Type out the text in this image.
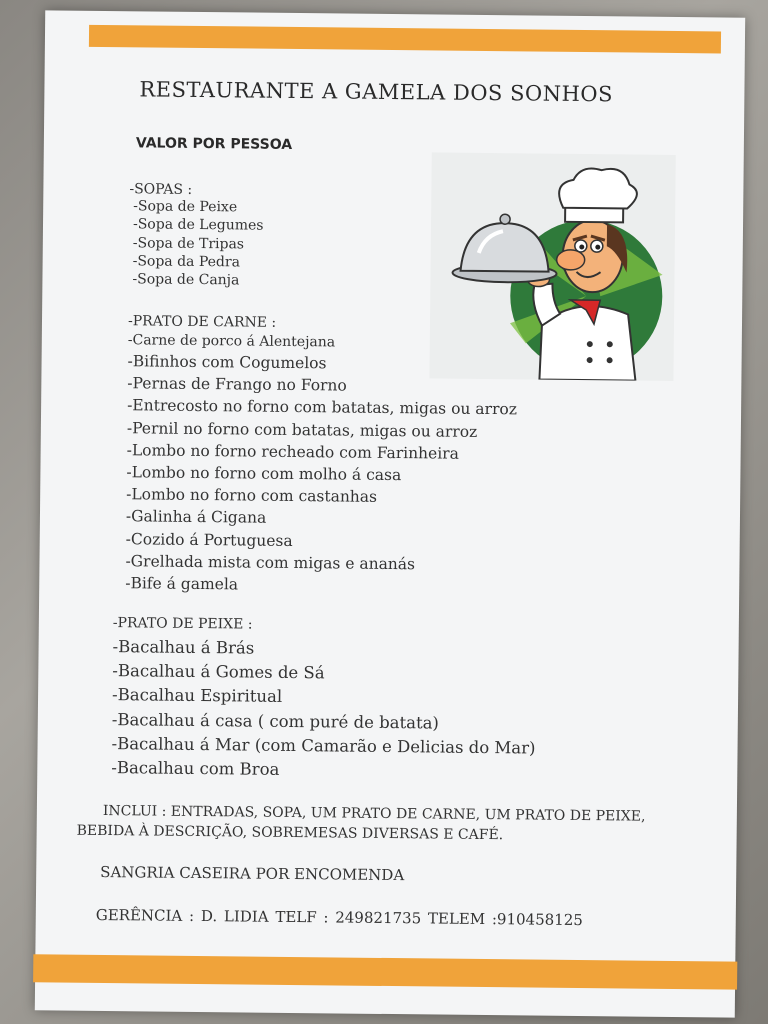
RESTAURANTE A GAMELA DOS SONHOS
VALOR POR PESSOA
-SOPAS :
-Sopa de Peixe
-Sopa de Legumes
-Sopa de Tripas
-Sopa da Pedra
-Sopa de Canja
-PRATO DE CARNE :
-Carne de porco á Alentejana
-Bifinhos com Cogumelos
-Pernas de Frango no Forno
-Entrecosto no forno com batatas, migas ou arroz
-Pernil no forno com batatas, migas ou arroz
-Lombo no forno recheado com Farinheira
-Lombo no forno com molho á casa
-Lombo no forno com castanhas
-Galinha á Cigana
-Cozido á Portuguesa
-Grelhada mista com migas e ananás
-Bife á gamela
-PRATO DE PEIXE :
-Bacalhau á Brás
-Bacalhau á Gomes de Sá
-Bacalhau Espiritual
-Bacalhau á casa ( com puré de batata)
-Bacalhau á Mar (com Camarão e Delicias do Mar)
-Bacalhau com Broa
INCLUI : ENTRADAS, SOPA, UM PRATO DE CARNE, UM PRATO DE PEIXE,
BEBIDA À DESCRIÇÃO, SOBREMESAS DIVERSAS E CAFÉ.
SANGRIA CASEIRA POR ENCOMENDA
GERÊNCIA : D. LIDIA TELF : 249821735 TELEM :910458125
